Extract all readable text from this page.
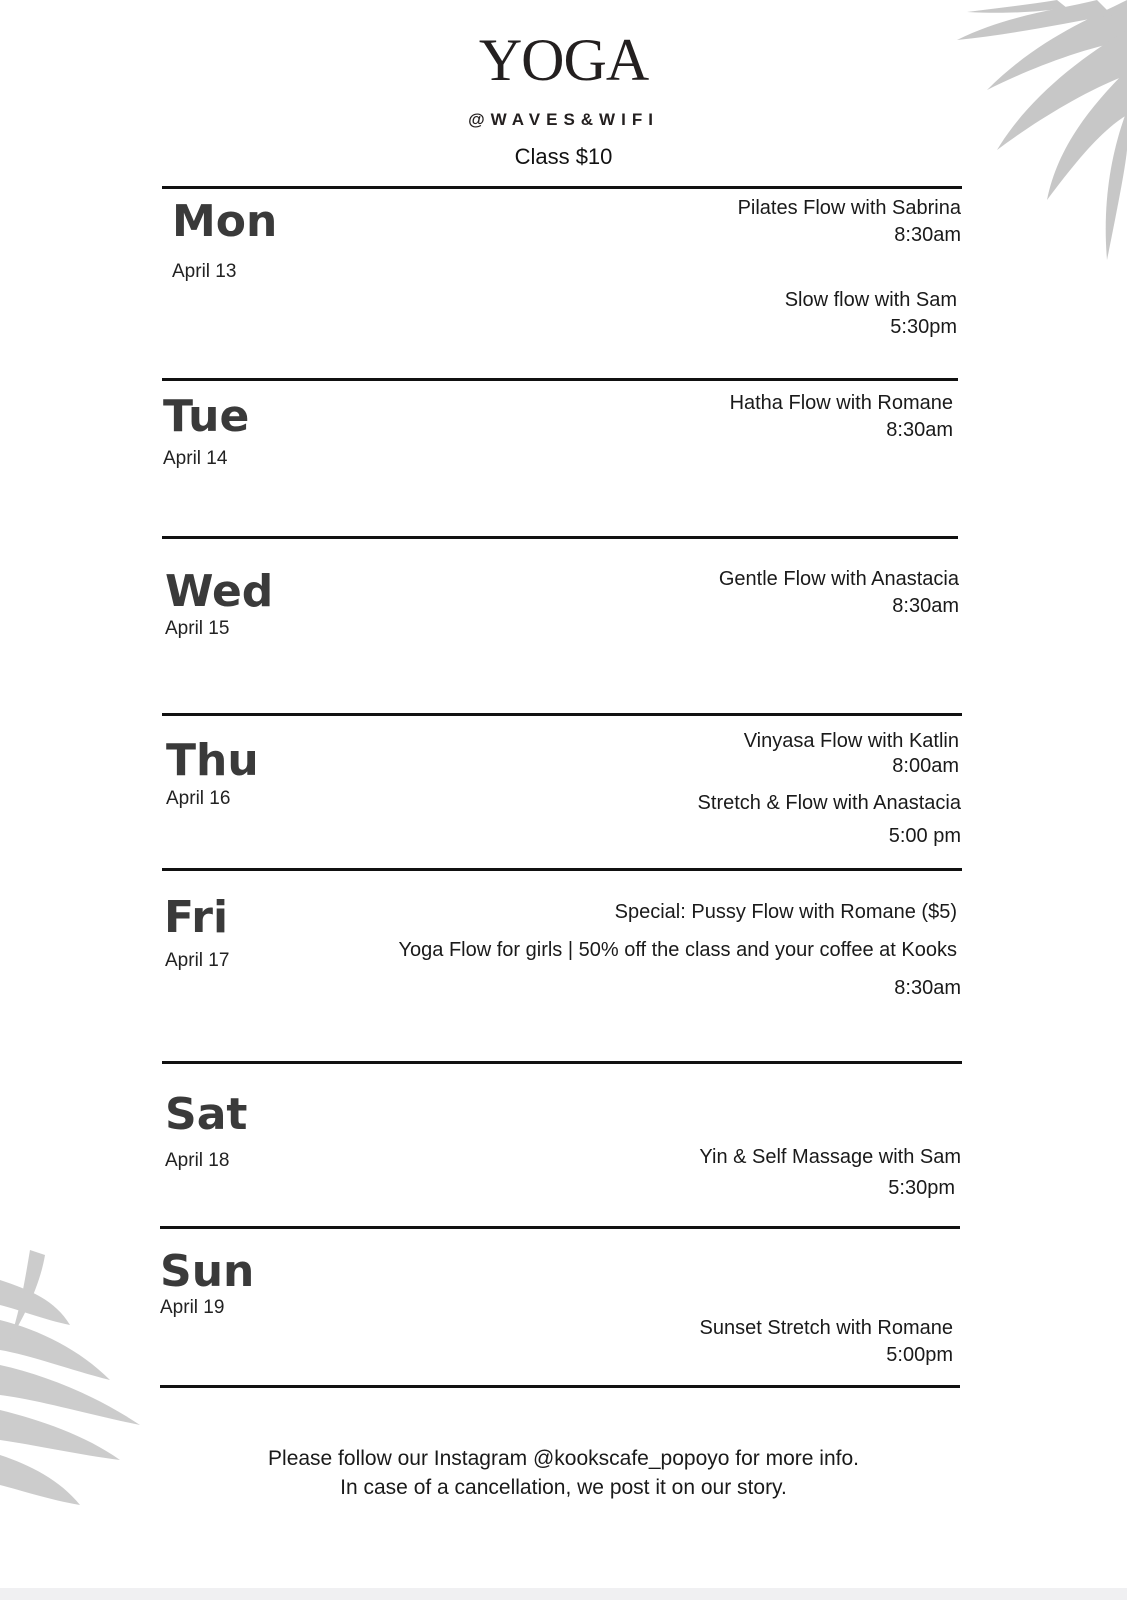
YOGA
@WAVES&WIFI
Class $10
Mon
April 13
Pilates Flow with Sabrina
8:30am
Slow flow with Sam
5:30pm
Tue
April 14
Hatha Flow with Romane
8:30am
Wed
April 15
Gentle Flow with Anastacia
8:30am
Thu
April 16
Vinyasa Flow with Katlin
8:00am
Stretch & Flow with Anastacia
5:00 pm
Fri
April 17
Special: Pussy Flow with Romane ($5)
Yoga Flow for girls | 50% off the class and your coffee at Kooks
8:30am
Sat
April 18	Yin & Self Massage with Sam
5:30pm
Sun
April 19
Sunset Stretch with Romane
5:00pm
Please follow our Instagram @kookscafe_popoyo for more info.
In case of a cancellation, we post it on our story.
